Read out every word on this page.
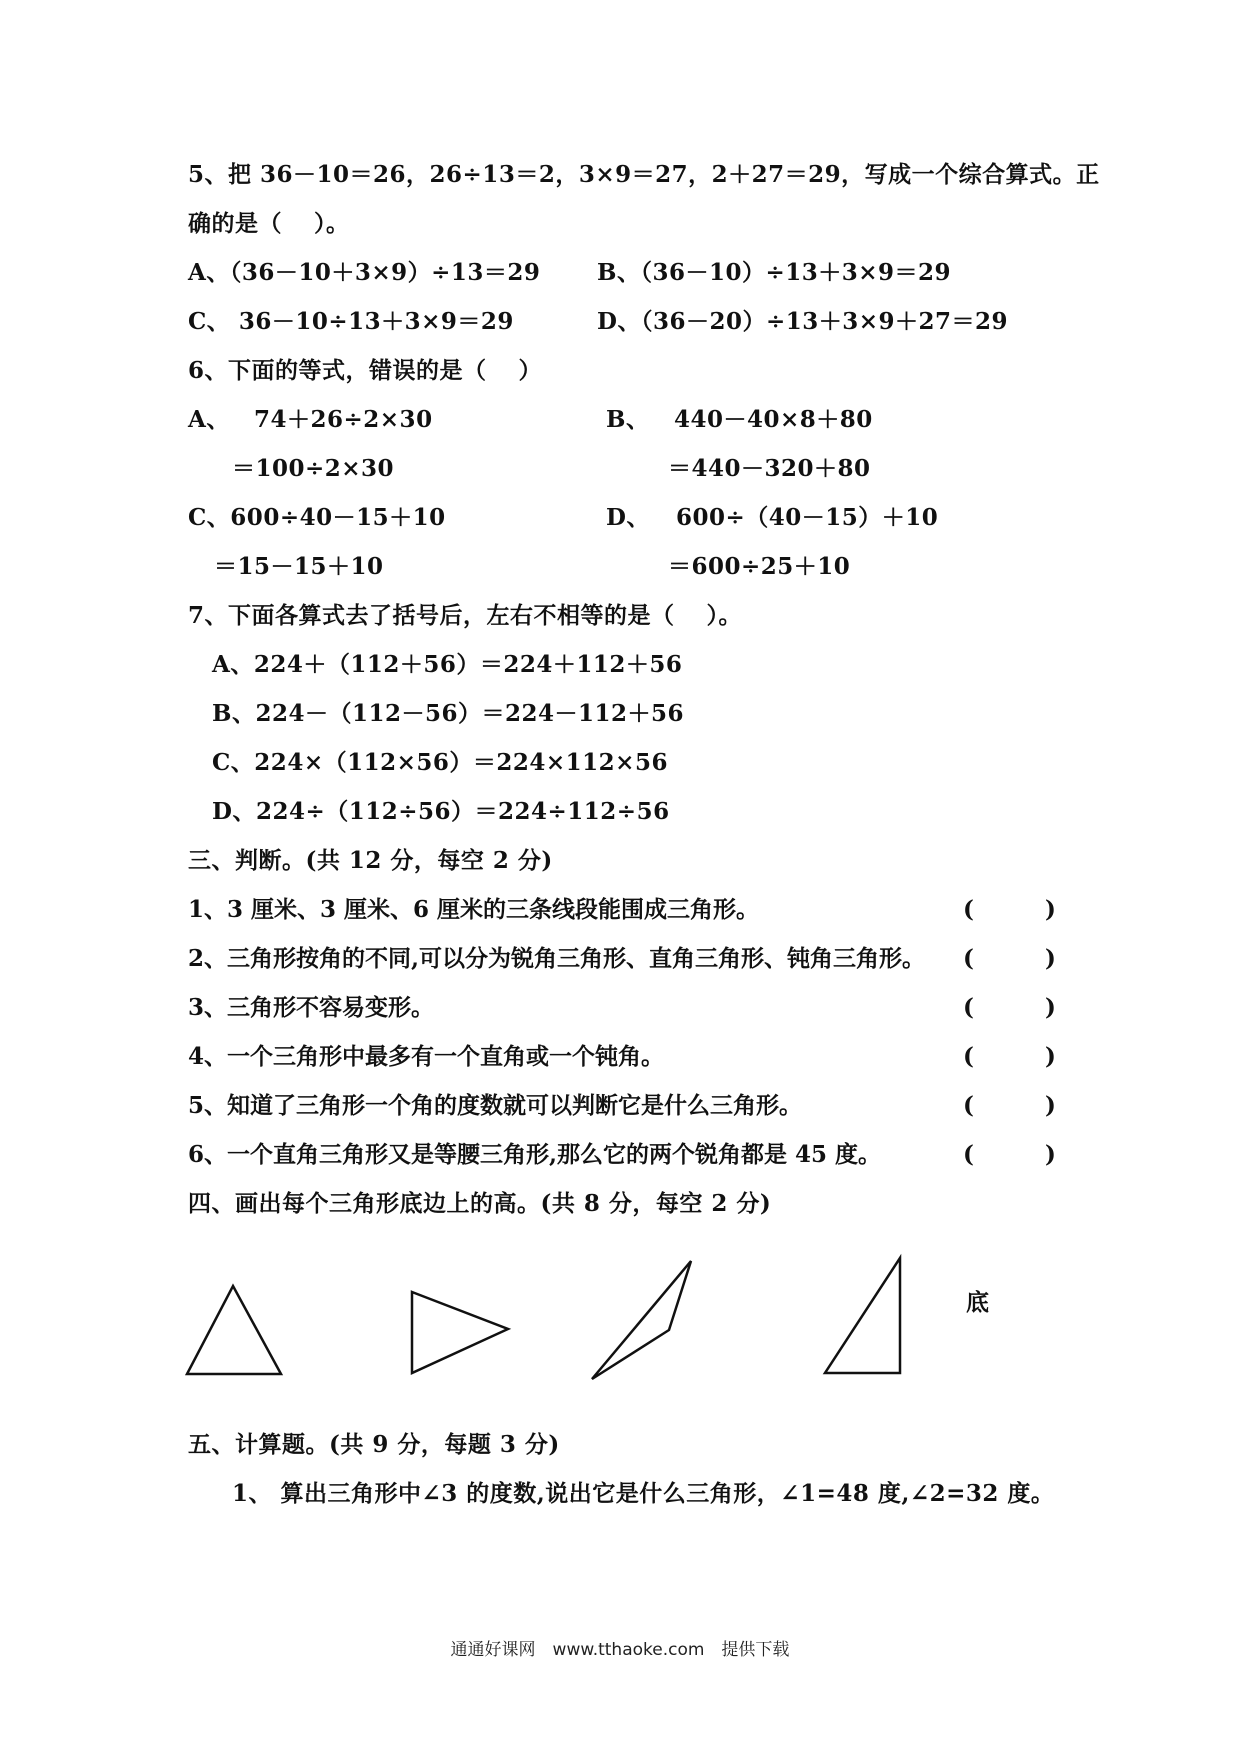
5、把 36－10＝26，26÷13＝2，3×9＝27，2＋27＝29，写成一个综合算式。正
确的是（　 ）。
A、（36－10＋3×9）÷13＝29 B、（36－10）÷13＋3×9＝29
C、 36－10÷13＋3×9＝29	D、（36－20）÷13＋3×9＋27＝29
6、下面的等式，错误的是（　 ）
A、 74＋26÷2×30	B、 440－40×8＋80
＝100÷2×30	＝440－320＋80
C、600÷40－15＋10	D、 600÷（40－15）＋10
＝15－15＋10	＝600÷25＋10
7、下面各算式去了括号后，左右不相等的是（　 ）。
A、224＋（112＋56）＝224＋112＋56
B、224－（112－56）＝224－112＋56
C、224×（112×56）＝224×112×56
D、224÷（112÷56）＝224÷112÷56
三、判断。(共 12 分，每空 2 分)
1、3 厘米、3 厘米、6 厘米的三条线段能围成三角形。	(	)
2、三角形按角的不同,可以分为锐角三角形、直角三角形、钝角三角形。 (	)
3、三角形不容易变形。	(	)
4、一个三角形中最多有一个直角或一个钝角。	(	)
5、知道了三角形一个角的度数就可以判断它是什么三角形。	(	)
6、一个直角三角形又是等腰三角形,那么它的两个锐角都是 45 度。	(	)
四、画出每个三角形底边上的高。(共 8 分，每空 2 分)
底
五、计算题。(共 9 分，每题 3 分)
1、 算出三角形中∠3 的度数,说出它是什么三角形，∠1=48 度,∠2=32 度。
通通好课网　www.tthaoke.com　提供下载
